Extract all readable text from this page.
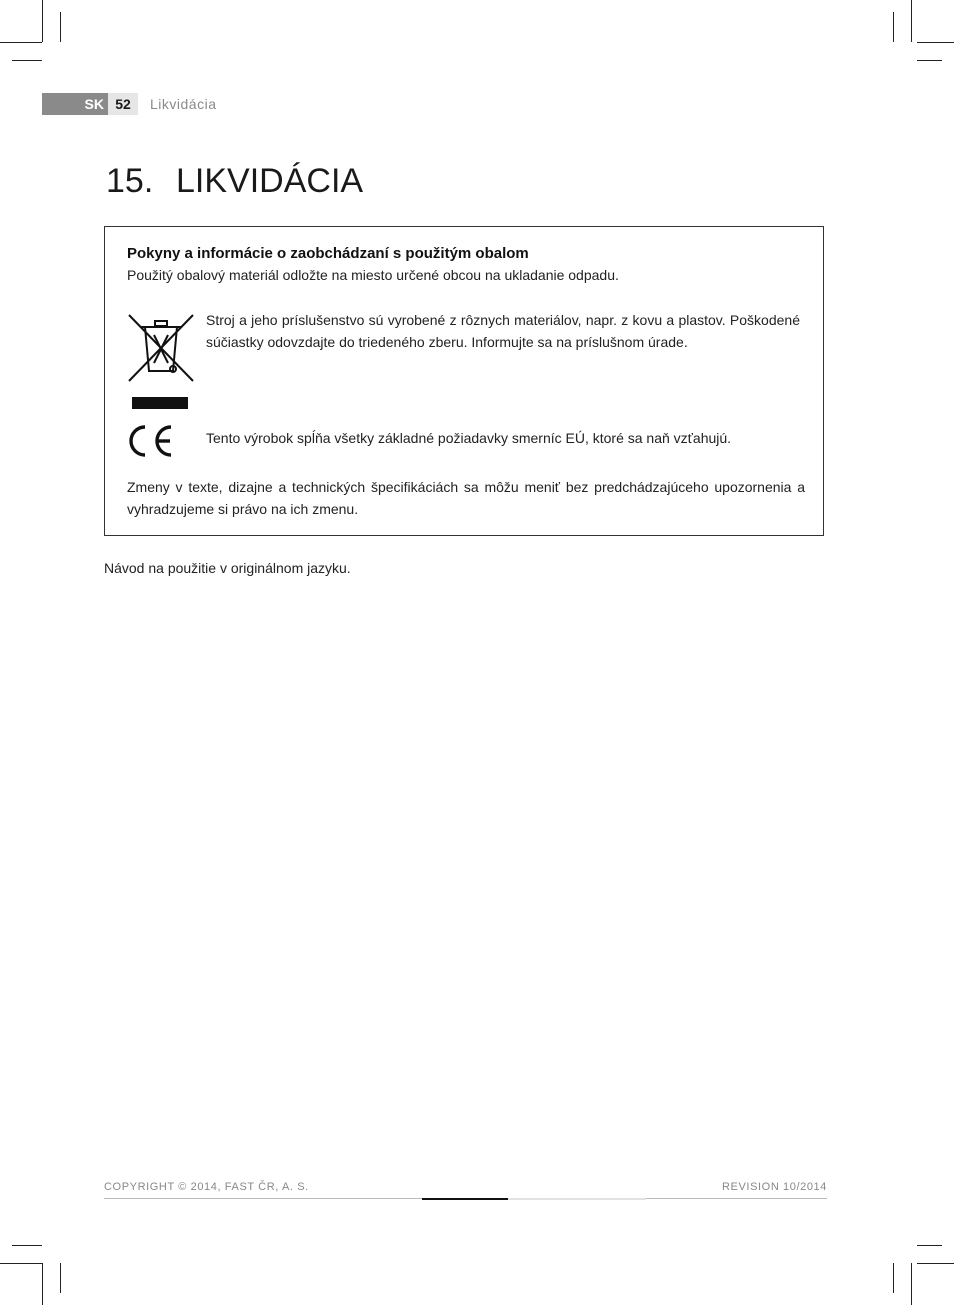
SK 52	Likvidácia
15. LIKVIDÁCIA
Pokyny a informácie o zaobchádzaní s použitým obalom
Použitý obalový materiál odložte na miesto určené obcou na ukladanie odpadu.
Stroj a jeho príslušenstvo sú vyrobené z rôznych materiálov, napr. z kovu a plastov. Poškodené súčiastky odovzdajte do triedeného zberu. Informujte sa na príslušnom úrade.
Tento výrobok spĺňa všetky základné požiadavky smerníc EÚ, ktoré sa naň vzťahujú.
Zmeny v texte, dizajne a technických špecifikáciách sa môžu meniť bez predchádzajúceho upozornenia a vyhradzujeme si právo na ich zmenu.
Návod na použitie v originálnom jazyku.
COPYRIGHT © 2014, FAST ČR, A. S.	REVISION 10/2014
